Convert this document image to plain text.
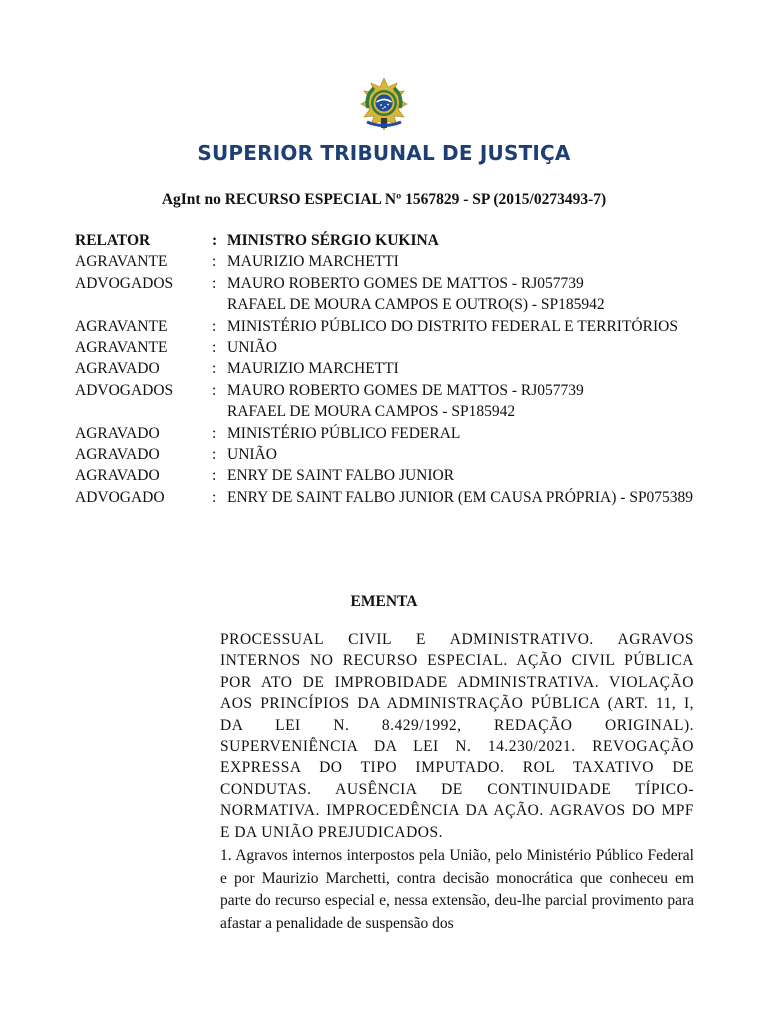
SUPERIOR TRIBUNAL DE JUSTIÇA
AgInt no RECURSO ESPECIAL Nº 1567829 - SP (2015/0273493-7)
RELATOR	: MINISTRO SÉRGIO KUKINA
AGRAVANTE	: MAURIZIO MARCHETTI
ADVOGADOS	: MAURO ROBERTO GOMES DE MATTOS - RJ057739
RAFAEL DE MOURA CAMPOS E OUTRO(S) - SP185942
AGRAVANTE	: MINISTÉRIO PÚBLICO DO DISTRITO FEDERAL E TERRITÓRIOS
AGRAVANTE	: UNIÃO
AGRAVADO	: MAURIZIO MARCHETTI
ADVOGADOS	: MAURO ROBERTO GOMES DE MATTOS - RJ057739
RAFAEL DE MOURA CAMPOS - SP185942
AGRAVADO	: MINISTÉRIO PÚBLICO FEDERAL
AGRAVADO	: UNIÃO
AGRAVADO	: ENRY DE SAINT FALBO JUNIOR
ADVOGADO	: ENRY DE SAINT FALBO JUNIOR (EM CAUSA PRÓPRIA) - SP075389
EMENTA

PROCESSUAL CIVIL E ADMINISTRATIVO. AGRAVOS INTERNOS NO RECURSO ESPECIAL. AÇÃO CIVIL PÚBLICA POR ATO DE IMPROBIDADE ADMINISTRATIVA. VIOLAÇÃO AOS PRINCÍPIOS DA ADMINISTRAÇÃO PÚBLICA (ART. 11, I, DA LEI N. 8.429/1992, REDAÇÃO ORIGINAL). SUPERVENIÊNCIA DA LEI N. 14.230/2021. REVOGAÇÃO EXPRESSA DO TIPO IMPUTADO. ROL TAXATIVO DE CONDUTAS. AUSÊNCIA DE CONTINUIDADE TÍPICO-NORMATIVA. IMPROCEDÊNCIA DA AÇÃO. AGRAVOS DO MPF E DA UNIÃO PREJUDICADOS.

1. Agravos internos interpostos pela União, pelo Ministério Público Federal e por Maurizio Marchetti, contra decisão monocrática que conheceu em parte do recurso especial e, nessa extensão, deu-lhe parcial provimento para afastar a penalidade de suspensão dos
